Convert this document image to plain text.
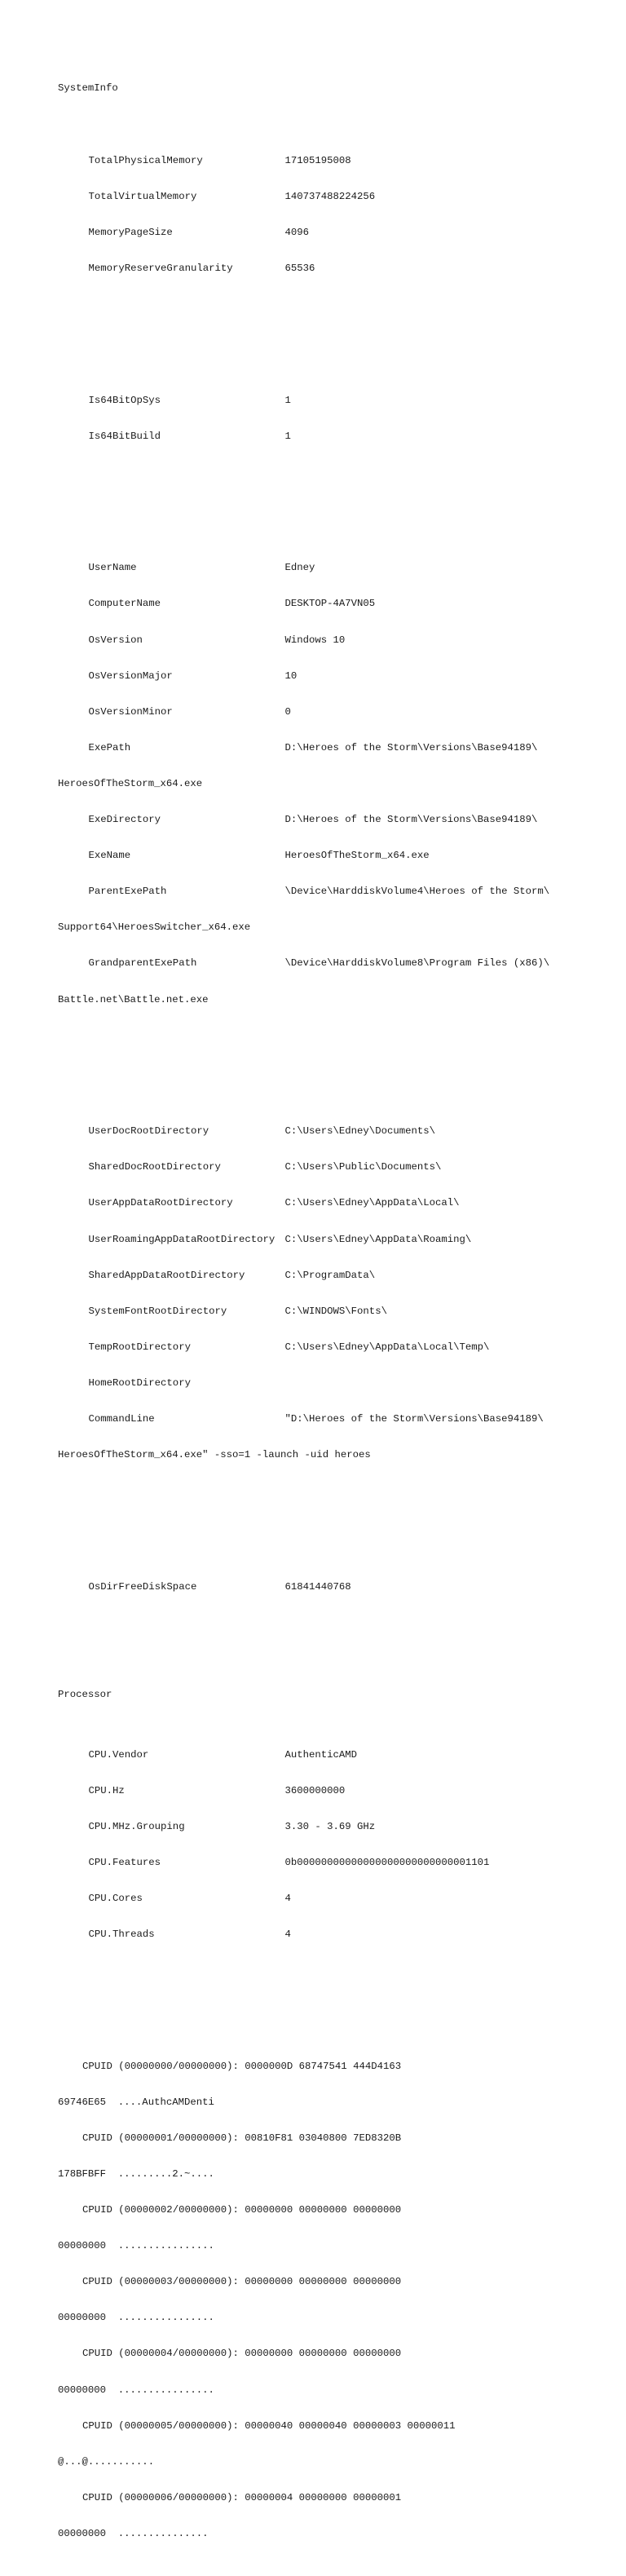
SystemInfo

TotalPhysicalMemory	17105195008

TotalVirtualMemory	140737488224256

MemoryPageSize	4096

MemoryReserveGranularity	65536

Is64BitOpSys	1

Is64BitBuild	1

UserName	Edney

ComputerName	DESKTOP-4A7VN05

OsVersion	Windows 10

OsVersionMajor	10

OsVersionMinor	0

ExePath	D:\Heroes of the Storm\Versions\Base94189\

HeroesOfTheStorm_x64.exe

ExeDirectory	D:\Heroes of the Storm\Versions\Base94189\

ExeName	HeroesOfTheStorm_x64.exe

ParentExePath	\Device\HarddiskVolume4\Heroes of the Storm\

Support64\HeroesSwitcher_x64.exe

GrandparentExePath	\Device\HarddiskVolume8\Program Files (x86)\

Battle.net\Battle.net.exe

UserDocRootDirectory	C:\Users\Edney\Documents\

SharedDocRootDirectory	C:\Users\Public\Documents\

UserAppDataRootDirectory	C:\Users\Edney\AppData\Local\

UserRoamingAppDataRootDirectory C:\Users\Edney\AppData\Roaming\

SharedAppDataRootDirectory	C:\ProgramData\

SystemFontRootDirectory	C:\WINDOWS\Fonts\

TempRootDirectory	C:\Users\Edney\AppData\Local\Temp\

HomeRootDirectory

CommandLine	"D:\Heroes of the Storm\Versions\Base94189\

HeroesOfTheStorm_x64.exe" -sso=1 -launch -uid heroes

OsDirFreeDiskSpace	61841440768

Processor

CPU.Vendor	AuthenticAMD

CPU.Hz	3600000000

CPU.MHz.Grouping	3.30 - 3.69 GHz

CPU.Features	0b00000000000000000000000000001101

CPU.Cores	4

CPU.Threads	4

CPUID (00000000/00000000): 0000000D 68747541 444D4163

69746E65  ....AuthcAMDenti

CPUID (00000001/00000000): 00810F81 03040800 7ED8320B

178BFBFF  .........2.~....

CPUID (00000002/00000000): 00000000 00000000 00000000

00000000  ................

CPUID (00000003/00000000): 00000000 00000000 00000000

00000000  ................

CPUID (00000004/00000000): 00000000 00000000 00000000

00000000  ................

CPUID (00000005/00000000): 00000040 00000040 00000003 00000011

@...@...........

CPUID (00000006/00000000): 00000004 00000000 00000001

00000000  ...............
